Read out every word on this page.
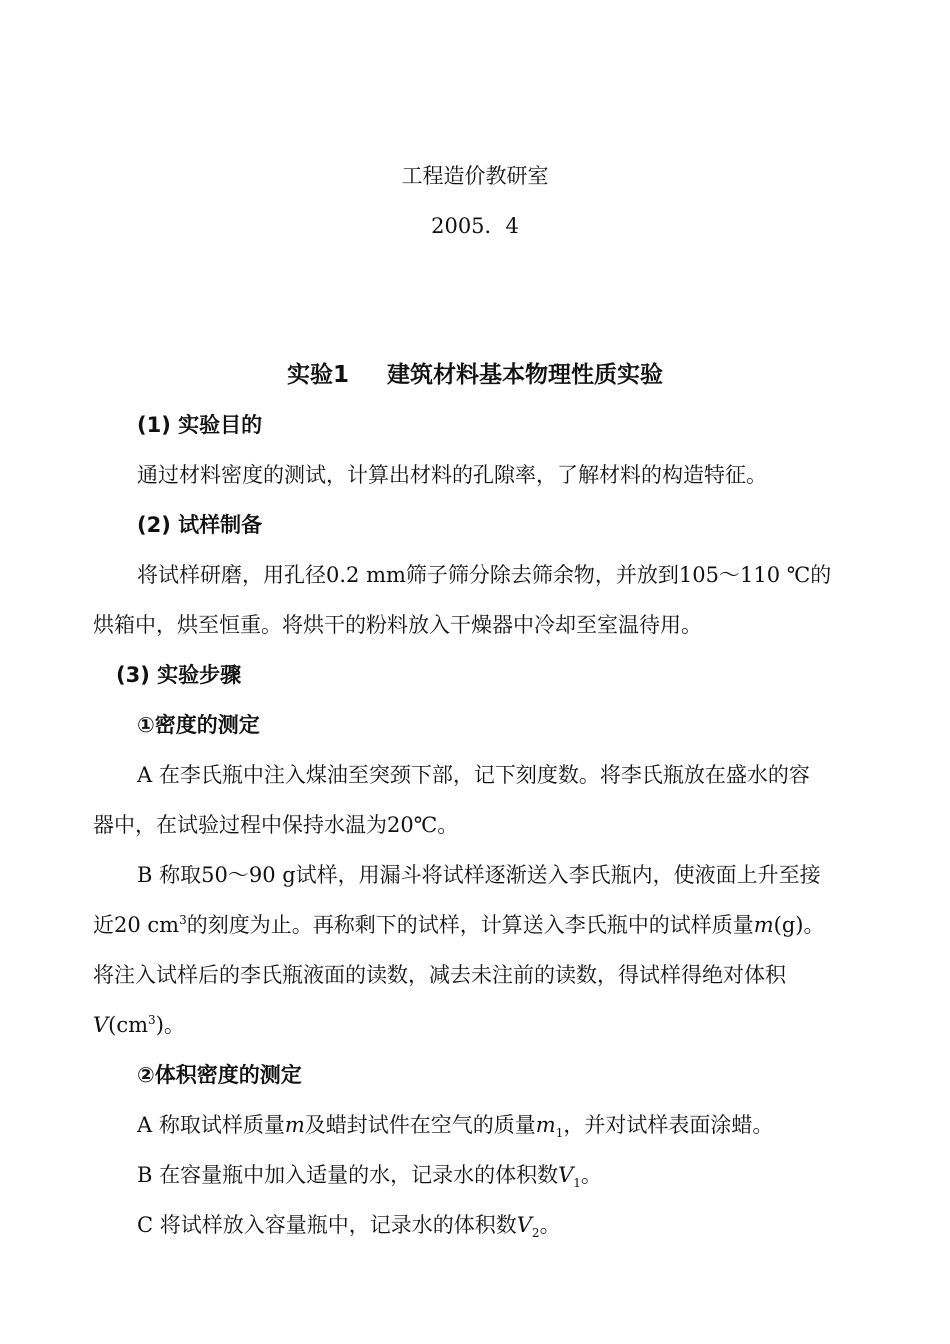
工程造价教研室
2005．4
实验1 建筑材料基本物理性质实验
(1) 实验目的
通过材料密度的测试，计算出材料的孔隙率，了解材料的构造特征。
(2) 试样制备
将试样研磨，用孔径0.2 mm筛子筛分除去筛余物，并放到105～110 ℃的
烘箱中，烘至恒重。将烘干的粉料放入干燥器中冷却至室温待用。
(3) 实验步骤
①密度的测定
A 在李氏瓶中注入煤油至突颈下部，记下刻度数。将李氏瓶放在盛水的容
器中，在试验过程中保持水温为20℃。
B 称取50～90 g试样，用漏斗将试样逐渐送入李氏瓶内，使液面上升至接
近20 $cm^3$的刻度为止。再称剩下的试样，计算送入李氏瓶中的试样质量m(g)。
将注入试样后的李氏瓶液面的读数，减去未注前的读数，得试样得绝对体积
$V(cm^3)$。
②体积密度的测定
A 称取试样质量m及蜡封试件在空气的质量$m_1$，并对试样表面涂蜡。
B 在容量瓶中加入适量的水，记录水的体积数$V_1$。
C 将试样放入容量瓶中，记录水的体积数$V_2$。
